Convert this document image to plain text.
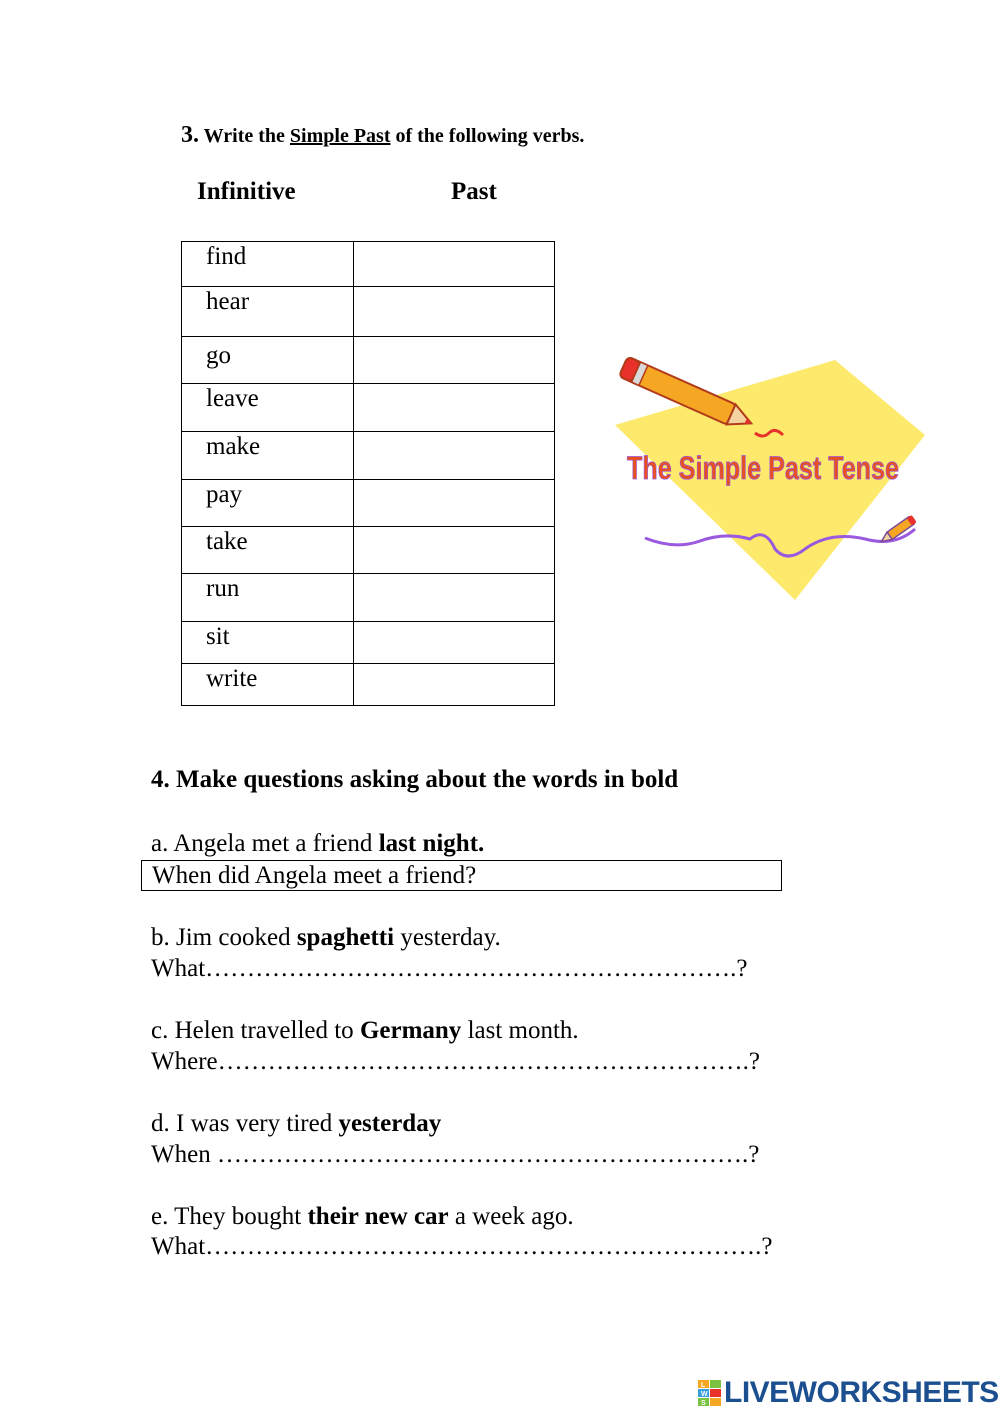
3. Write the Simple Past of the following verbs.
Infinitive	Past
find	
hear	
go	
leave	
make	
pay	
take	
run	
sit	
write	
The Simple Past Tense
4. Make questions asking about the words in bold
a. Angela met a friend last night.
When did Angela meet a friend?
b. Jim cooked spaghetti yesterday.
What……………………………………………………….?
c. Helen travelled to Germany last month.
Where……………………………………………………….?
d. I was very tired yesterday
When ……………………………………………………….?
e. They bought their new car a week ago.
What………………………………………………………….?
L
W
S LIVEWORKSHEETS
